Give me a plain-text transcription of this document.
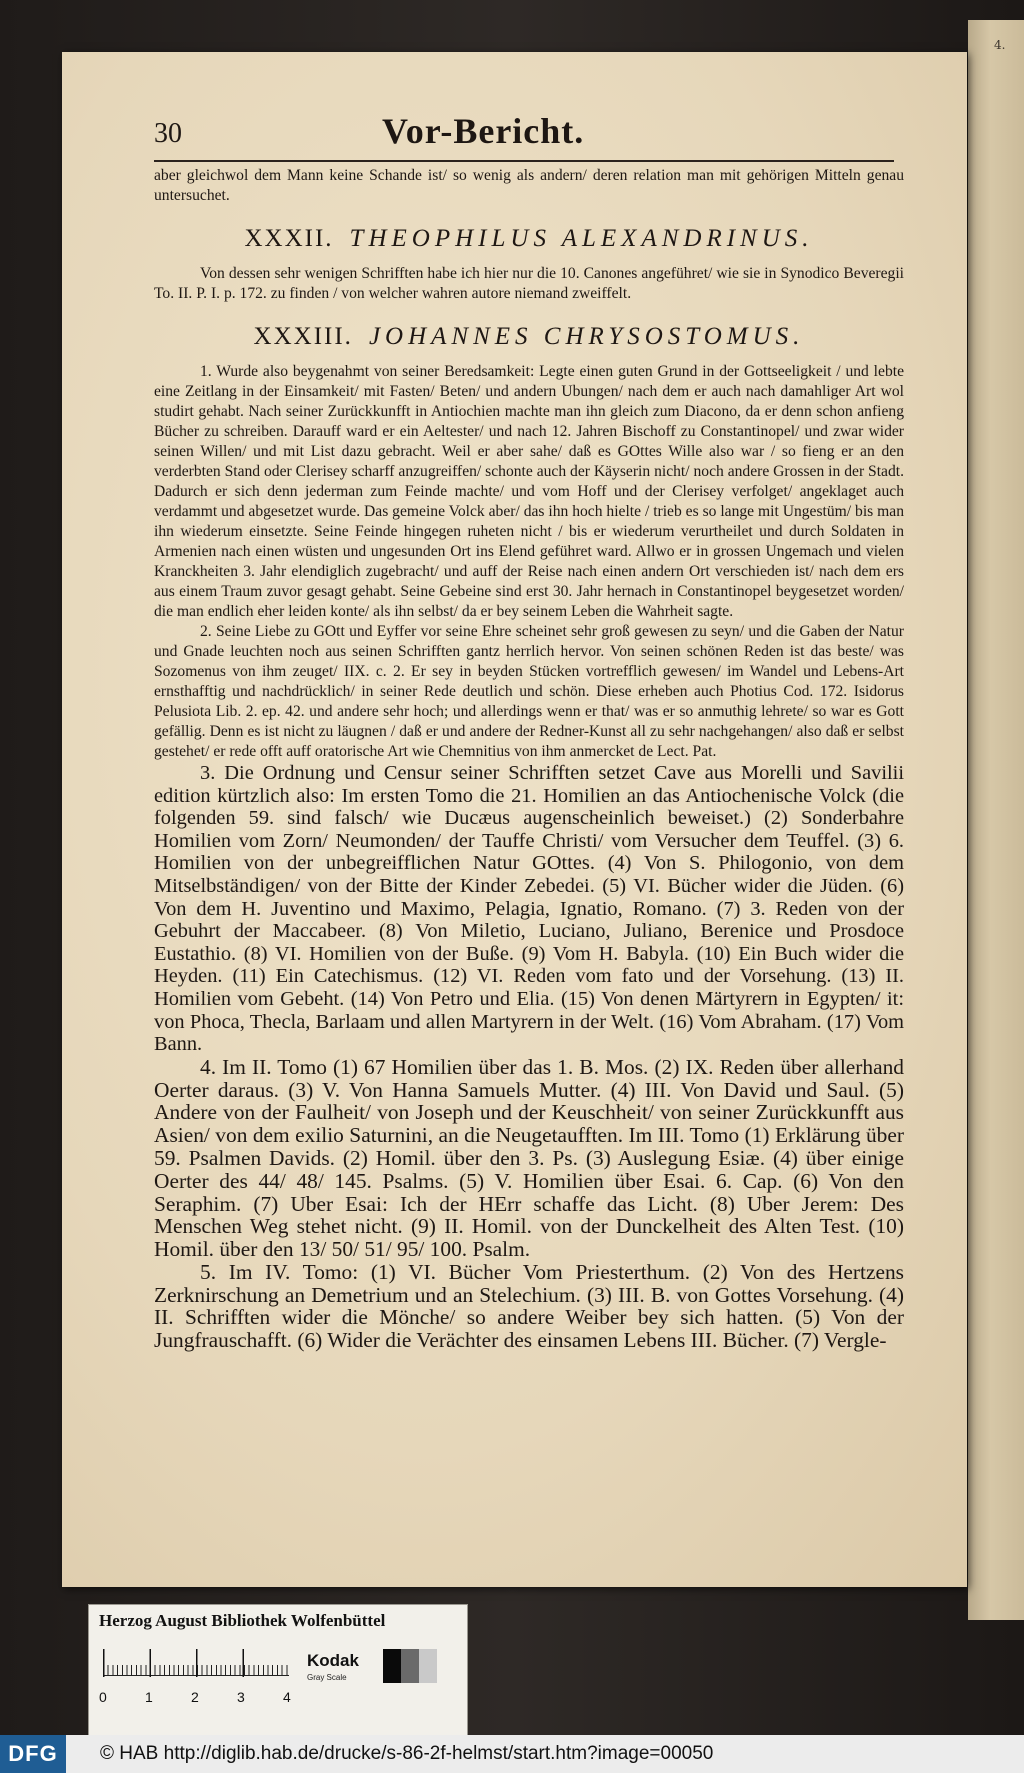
4.
30	Vor-Bericht.

aber gleichwol dem Mann keine Schande ist/ so wenig als andern/ deren relation man mit gehörigen Mitteln genau untersuchet.

XXXII. THEOPHILUS ALEXANDRINUS.

Von dessen sehr wenigen Schrifften habe ich hier nur die 10. Canones angeführet/ wie sie in Synodico Beveregii To. II. P. I. p. 172. zu finden / von welcher wahren autore niemand zweiffelt.

XXXIII. JOHANNES CHRYSOSTOMUS.

1. Wurde also beygenahmt von seiner Beredsamkeit: Legte einen guten Grund in der Gottseeligkeit / und lebte eine Zeitlang in der Einsamkeit/ mit Fasten/ Beten/ und andern Ubungen/ nach dem er auch nach damahliger Art wol studirt gehabt. Nach seiner Zurückkunfft in Antiochien machte man ihn gleich zum Diacono, da er denn schon anfieng Bücher zu schreiben. Darauff ward er ein Aeltester/ und nach 12. Jahren Bischoff zu Constantinopel/ und zwar wider seinen Willen/ und mit List dazu gebracht. Weil er aber sahe/ daß es GOttes Wille also war / so fieng er an den verderbten Stand oder Clerisey scharff anzugreiffen/ schonte auch der Käyserin nicht/ noch andere Grossen in der Stadt. Dadurch er sich denn jederman zum Feinde machte/ und vom Hoff und der Clerisey verfolget/ angeklaget auch verdammt und abgesetzet wurde. Das gemeine Volck aber/ das ihn hoch hielte / trieb es so lange mit Ungestüm/ bis man ihn wiederum einsetzte. Seine Feinde hingegen ruheten nicht / bis er wiederum verurtheilet und durch Soldaten in Armenien nach einen wüsten und ungesunden Ort ins Elend geführet ward. Allwo er in grossen Ungemach und vielen Kranckheiten 3. Jahr elendiglich zugebracht/ und auff der Reise nach einen andern Ort verschieden ist/ nach dem ers aus einem Traum zuvor gesagt gehabt. Seine Gebeine sind erst 30. Jahr hernach in Constantinopel beygesetzet worden/ die man endlich eher leiden konte/ als ihn selbst/ da er bey seinem Leben die Wahrheit sagte.

2. Seine Liebe zu GOtt und Eyffer vor seine Ehre scheinet sehr groß gewesen zu seyn/ und die Gaben der Natur und Gnade leuchten noch aus seinen Schrifften gantz herrlich hervor. Von seinen schönen Reden ist das beste/ was Sozomenus von ihm zeuget/ IIX. c. 2. Er sey in beyden Stücken vortrefflich gewesen/ im Wandel und Lebens-Art ernsthafftig und nachdrücklich/ in seiner Rede deutlich und schön. Diese erheben auch Photius Cod. 172. Isidorus Pelusiota Lib. 2. ep. 42. und andere sehr hoch; und allerdings wenn er that/ was er so anmuthig lehrete/ so war es Gott gefällig. Denn es ist nicht zu läugnen / daß er und andere der Redner-Kunst all zu sehr nachgehangen/ also daß er selbst gestehet/ er rede offt auff oratorische Art wie Chemnitius von ihm anmercket de Lect. Pat.

3. Die Ordnung und Censur seiner Schrifften setzet Cave aus Morelli und Savilii edition kürtzlich also: Im ersten Tomo die 21. Homilien an das Antiochenische Volck (die folgenden 59. sind falsch/ wie Ducæus augenscheinlich beweiset.) (2) Sonderbahre Homilien vom Zorn/ Neumonden/ der Tauffe Christi/ vom Versucher dem Teuffel. (3) 6. Homilien von der unbegreifflichen Natur GOttes. (4) Von S. Philogonio, von dem Mitselbständigen/ von der Bitte der Kinder Zebedei. (5) VI. Bücher wider die Jüden. (6) Von dem H. Juventino und Maximo, Pelagia, Ignatio, Romano. (7) 3. Reden von der Gebuhrt der Maccabeer. (8) Von Miletio, Luciano, Juliano, Berenice und Prosdoce Eustathio. (8) VI. Homilien von der Buße. (9) Vom H. Babyla. (10) Ein Buch wider die Heyden. (11) Ein Catechismus. (12) VI. Reden vom fato und der Vorsehung. (13) II. Homilien vom Gebeht. (14) Von Petro und Elia. (15) Von denen Märtyrern in Egypten/ it: von Phoca, Thecla, Barlaam und allen Martyrern in der Welt. (16) Vom Abraham. (17) Vom Bann.

4. Im II. Tomo (1) 67 Homilien über das 1. B. Mos. (2) IX. Reden über allerhand Oerter daraus. (3) V. Von Hanna Samuels Mutter. (4) III. Von David und Saul. (5) Andere von der Faulheit/ von Joseph und der Keuschheit/ von seiner Zurückkunfft aus Asien/ von dem exilio Saturnini, an die Neugetaufften. Im III. Tomo (1) Erklärung über 59. Psalmen Davids. (2) Homil. über den 3. Ps. (3) Auslegung Esiæ. (4) über einige Oerter des 44/ 48/ 145. Psalms. (5) V. Homilien über Esai. 6. Cap. (6) Von den Seraphim. (7) Uber Esai: Ich der HErr schaffe das Licht. (8) Uber Jerem: Des Menschen Weg stehet nicht. (9) II. Homil. von der Dunckelheit des Alten Test. (10) Homil. über den 13/ 50/ 51/ 95/ 100. Psalm.

5. Im IV. Tomo: (1) VI. Bücher Vom Priesterthum. (2) Von des Hertzens Zerknirschung an Demetrium und an Stelechium. (3) III. B. von Gottes Vorsehung. (4) II. Schrifften wider die Mönche/ so andere Weiber bey sich hatten. (5) Von der Jungfrauschafft. (6) Wider die Verächter des einsamen Lebens III. Bücher. (7) Vergle-

Herzog August Bibliothek Wolfenbüttel
0	1	2	3	4
Kodak
Gray Scale
DFG	© HAB http://diglib.hab.de/drucke/s-86-2f-helmst/start.htm?image=00050
